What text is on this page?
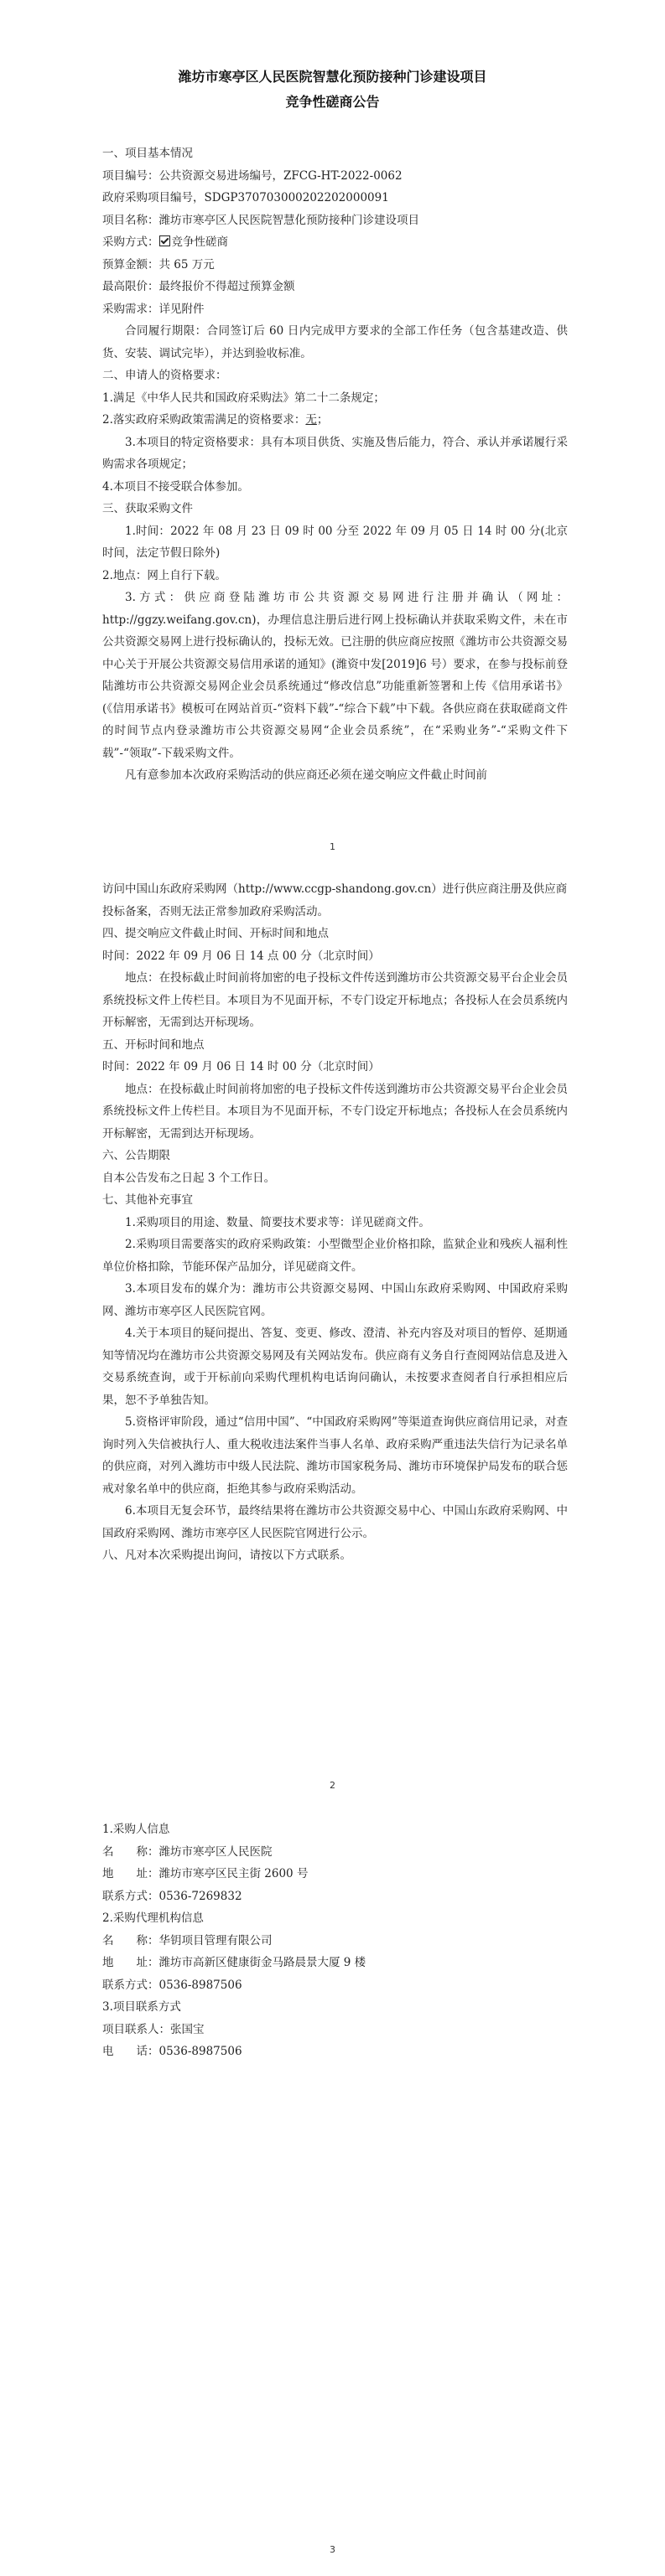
潍坊市寒亭区人民医院智慧化预防接种门诊建设项目
竞争性磋商公告

一、项目基本情况

项目编号：公共资源交易进场编号，ZFCG-HT-2022-0062

政府采购项目编号，SDGP370703000202202000091

项目名称：潍坊市寒亭区人民医院智慧化预防接种门诊建设项目

采购方式： 竞争性磋商

预算金额：共 65 万元

最高限价：最终报价不得超过预算金额

采购需求：详见附件

合同履行期限：合同签订后 60 日内完成甲方要求的全部工作任务（包含基建改造、供货、安装、调试完毕），并达到验收标准。

二、申请人的资格要求：

1.满足《中华人民共和国政府采购法》第二十二条规定；

2.落实政府采购政策需满足的资格要求：无；

3.本项目的特定资格要求：具有本项目供货、实施及售后能力，符合、承认并承诺履行采购需求各项规定；

4.本项目不接受联合体参加。

三、获取采购文件

1.时间：2022 年 08 月 23 日 09 时 00 分至 2022 年 09 月 05 日 14 时 00 分(北京时间，法定节假日除外)

2.地点：网上自行下载。

3.方式：供应商登陆潍坊市公共资源交易网进行注册并确认（网址：http://ggzy.weifang.gov.cn)，办理信息注册后进行网上投标确认并获取采购文件，未在市公共资源交易网上进行投标确认的，投标无效。已注册的供应商应按照《潍坊市公共资源交易中心关于开展公共资源交易信用承诺的通知》(潍资中发[2019]6 号）要求，在参与投标前登陆潍坊市公共资源交易网企业会员系统通过“修改信息”功能重新签署和上传《信用承诺书》(《信用承诺书》模板可在网站首页-“资料下载”-“综合下载”中下载。各供应商在获取磋商文件的时间节点内登录潍坊市公共资源交易网“企业会员系统”，在“采购业务”-“采购文件下载”-“领取”-下载采购文件。

凡有意参加本次政府采购活动的供应商还必须在递交响应文件截止时间前

1

访问中国山东政府采购网（http://www.ccgp-shandong.gov.cn）进行供应商注册及供应商投标备案，否则无法正常参加政府采购活动。

四、提交响应文件截止时间、开标时间和地点

时间：2022 年 09 月 06 日 14 点 00 分（北京时间）

地点：在投标截止时间前将加密的电子投标文件传送到潍坊市公共资源交易平台企业会员系统投标文件上传栏目。本项目为不见面开标，不专门设定开标地点；各投标人在会员系统内开标解密，无需到达开标现场。

五、开标时间和地点

时间：2022 年 09 月 06 日 14 时 00 分（北京时间）

地点：在投标截止时间前将加密的电子投标文件传送到潍坊市公共资源交易平台企业会员系统投标文件上传栏目。本项目为不见面开标，不专门设定开标地点；各投标人在会员系统内开标解密，无需到达开标现场。

六、公告期限

自本公告发布之日起 3 个工作日。

七、其他补充事宜

1.采购项目的用途、数量、简要技术要求等：详见磋商文件。

2.采购项目需要落实的政府采购政策：小型微型企业价格扣除，监狱企业和残疾人福利性单位价格扣除，节能环保产品加分，详见磋商文件。

3.本项目发布的媒介为：潍坊市公共资源交易网、中国山东政府采购网、中国政府采购网、潍坊市寒亭区人民医院官网。

4.关于本项目的疑问提出、答复、变更、修改、澄清、补充内容及对项目的暂停、延期通知等情况均在潍坊市公共资源交易网及有关网站发布。供应商有义务自行查阅网站信息及进入交易系统查询，或于开标前向采购代理机构电话询问确认，未按要求查阅者自行承担相应后果，恕不予单独告知。

5.资格评审阶段，通过“信用中国”、“中国政府采购网”等渠道查询供应商信用记录，对查询时列入失信被执行人、重大税收违法案件当事人名单、政府采购严重违法失信行为记录名单的供应商，对列入潍坊市中级人民法院、潍坊市国家税务局、潍坊市环境保护局发布的联合惩戒对象名单中的供应商，拒绝其参与政府采购活动。

6.本项目无复会环节，最终结果将在潍坊市公共资源交易中心、中国山东政府采购网、中国政府采购网、潍坊市寒亭区人民医院官网进行公示。

八、凡对本次采购提出询问，请按以下方式联系。

2

1.采购人信息

名　　称：潍坊市寒亭区人民医院

地　　址：潍坊市寒亭区民主街 2600 号

联系方式：0536-7269832

2.采购代理机构信息

名　　称：华钥项目管理有限公司

地　　址：潍坊市高新区健康街金马路晨景大厦 9 楼

联系方式：0536-8987506

3.项目联系方式

项目联系人：张国宝

电　　话：0536-8987506

3
